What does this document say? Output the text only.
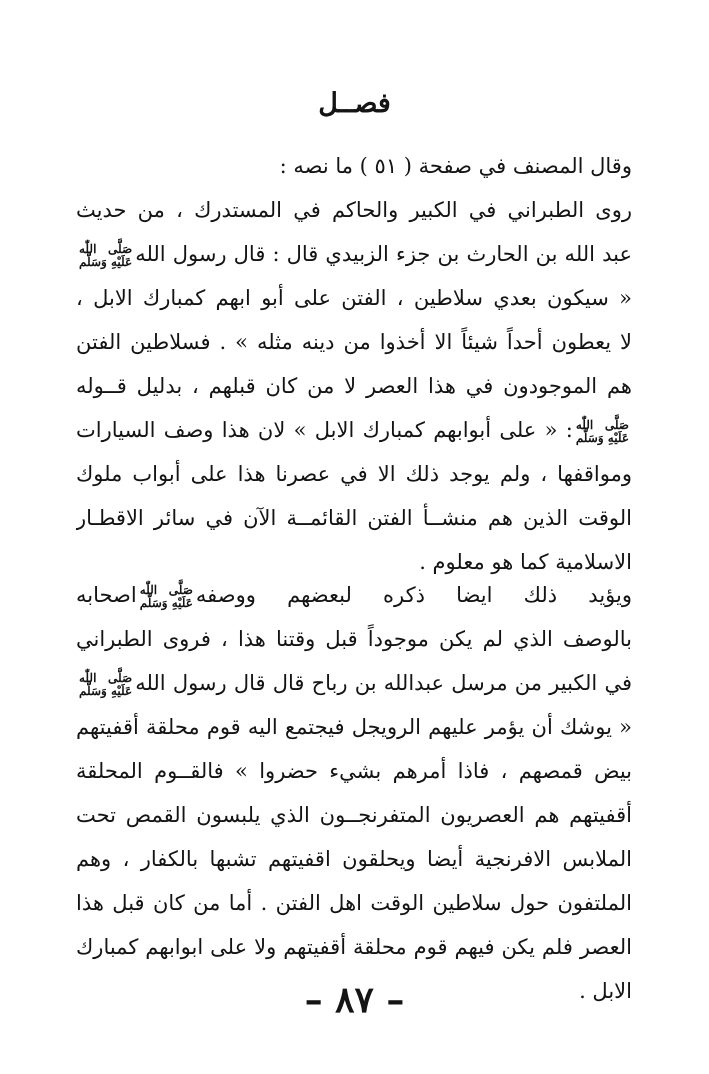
فصــل
وقال المصنف في صفحة ( ٥١ ) ما نصه :
روى الطبراني في الكبير والحاكم في المستدرك ، من حديث
عبد الله بن الحارث بن جزء الزبيدي قال : قال رسول الله
صَلَّى اللّٰه
عَلَيْهِ وَسَلَّم
« سيكون بعدي سلاطين ، الفتن على أبو ابهم كمبارك الابل ،
لا يعطون أحداً شيئاً الا أخذوا من دينه مثله » . فسلاطين الفتن
هم الموجودون في هذا العصر لا من كان قبلهم ، بدليل قــوله
صَلَّى اللّٰه
عَلَيْهِ وَسَلَّم
: « على أبوابهم كمبارك الابل » لان هذا وصف السيارات
ومواقفها ، ولم يوجد ذلك الا في عصرنا هذا على أبواب ملوك
الوقت الذين هم منشــأ الفتن القائمــة الآن في سائر الاقطـار
الاسلامية كما هو معلوم .
ويؤيد ذلك ايضا ذكره لبعضهم ووصفه
صَلَّى اللّٰه
عَلَيْهِ وَسَلَّم
اصحابه
بالوصف الذي لم يكن موجوداً قبل وقتنا هذا ، فروى الطبراني
في الكبير من مرسل عبدالله بن رباح قال قال رسول الله
صَلَّى اللّٰه
عَلَيْهِ وَسَلَّم
« يوشك أن يؤمر عليهم الرويجل فيجتمع اليه قوم محلقة أقفيتهم
بيض قمصهم ، فاذا أمرهم بشيء حضروا » فالقــوم المحلقة
أقفيتهم هم العصريون المتفرنجــون الذي يلبسون القمص تحت
الملابس الافرنجية أيضا ويحلقون اقفيتهم تشبها بالكفار ، وهم
الملتفون حول سلاطين الوقت اهل الفتن . أما من كان قبل هذا
العصر فلم يكن فيهم قوم محلقة أقفيتهم ولا على ابوابهم كمبارك
الابل .
– ٨٧ –
